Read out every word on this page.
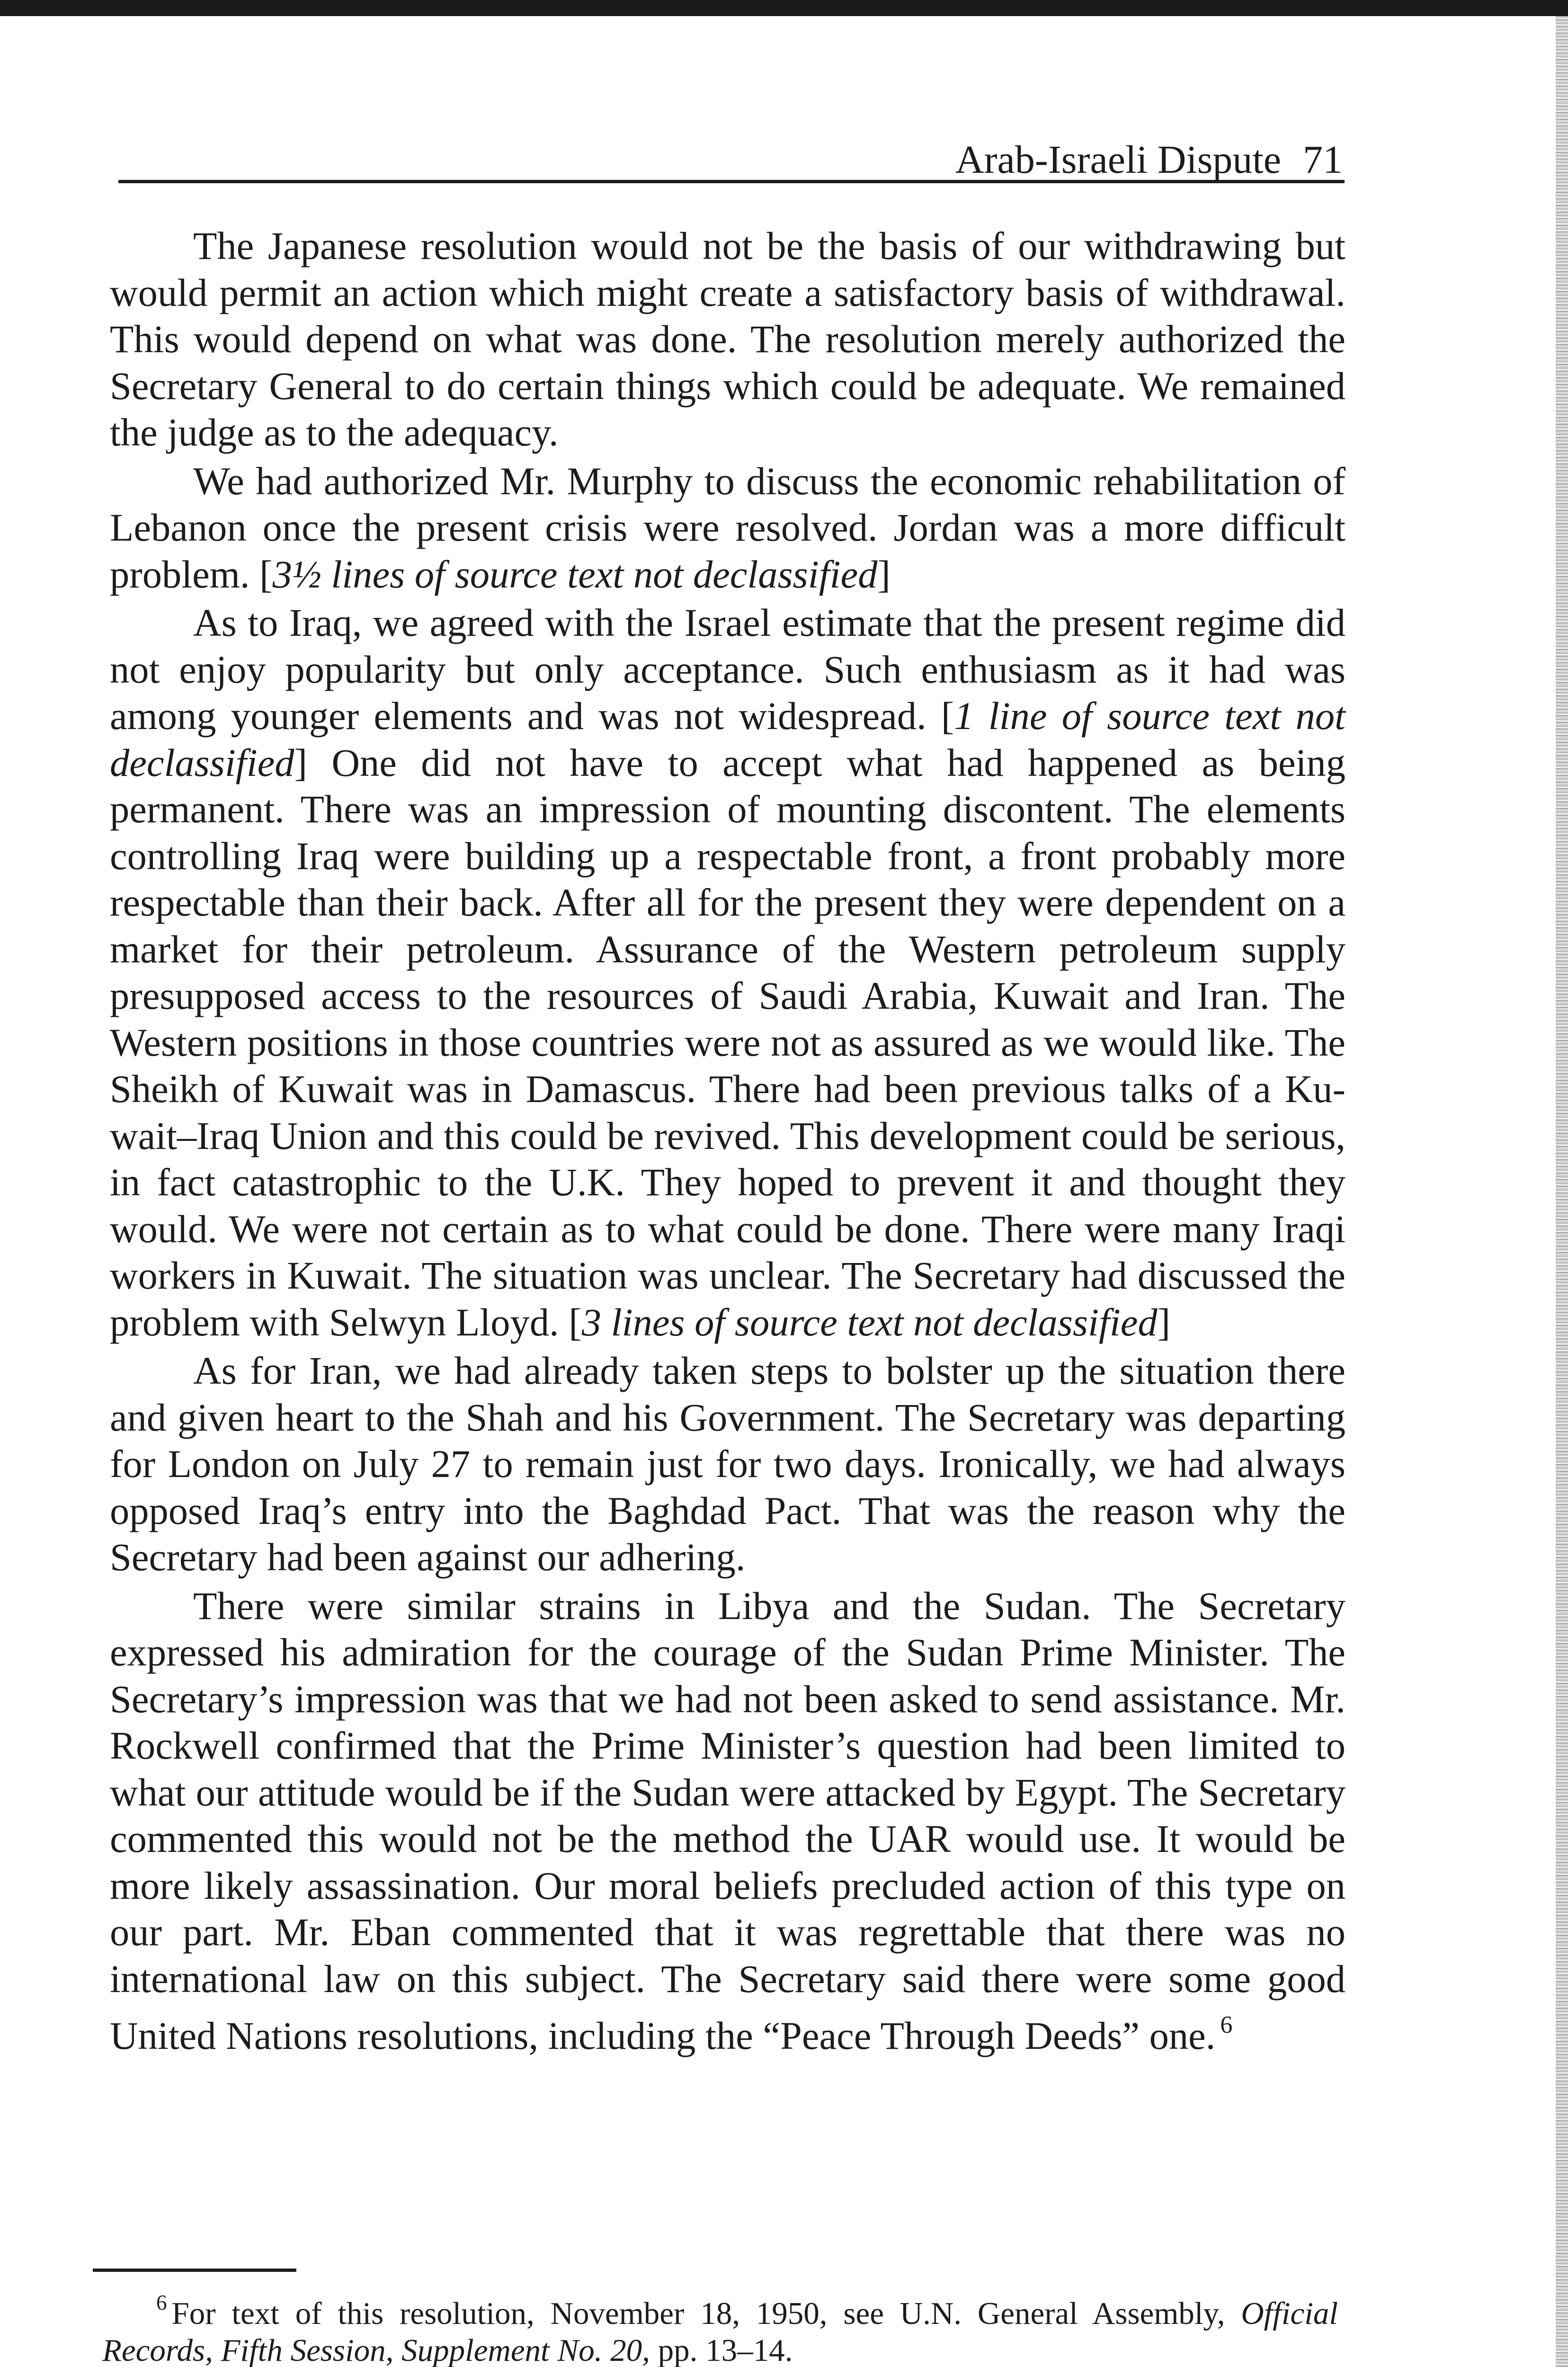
Arab-Israeli Dispute 71

The Japanese resolution would not be the basis of our withdrawing but would permit an action which might create a satisfactory basis of withdrawal. This would depend on what was done. The resolution merely authorized the Secretary General to do certain things which could be adequate. We remained the judge as to the adequacy.

We had authorized Mr. Murphy to discuss the economic rehabilitation of Lebanon once the present crisis were resolved. Jordan was a more difficult problem. [3½ lines of source text not declassified]

As to Iraq, we agreed with the Israel estimate that the present regime did not enjoy popularity but only acceptance. Such enthusiasm as it had was among younger elements and was not widespread. [1 line of source text not declassified] One did not have to accept what had happened as being permanent. There was an impression of mounting discontent. The elements controlling Iraq were building up a respectable front, a front probably more respectable than their back. After all for the present they were dependent on a market for their petroleum. Assurance of the Western petroleum supply presupposed access to the resources of Saudi Arabia, Kuwait and Iran. The Western positions in those countries were not as assured as we would like. The Sheikh of Kuwait was in Damascus. There had been previous talks of a Kuwait–Iraq Union and this could be revived. This development could be serious, in fact catastrophic to the U.K. They hoped to prevent it and thought they would. We were not certain as to what could be done. There were many Iraqi workers in Kuwait. The situation was unclear. The Secretary had discussed the problem with Selwyn Lloyd. [3 lines of source text not declassified]

As for Iran, we had already taken steps to bolster up the situation there and given heart to the Shah and his Government. The Secretary was departing for London on July 27 to remain just for two days. Ironically, we had always opposed Iraq’s entry into the Baghdad Pact. That was the reason why the Secretary had been against our adhering.

There were similar strains in Libya and the Sudan. The Secretary expressed his admiration for the courage of the Sudan Prime Minister. The Secretary’s impression was that we had not been asked to send assistance. Mr. Rockwell confirmed that the Prime Minister’s question had been limited to what our attitude would be if the Sudan were attacked by Egypt. The Secretary commented this would not be the method the UAR would use. It would be more likely assassination. Our moral beliefs precluded action of this type on our part. Mr. Eban commented that it was regrettable that there was no international law on this subject. The Secretary said there were some good United Nations resolutions, including the “Peace Through Deeds” one. $^6$

$^6$ For text of this resolution, November 18, 1950, see U.N. General Assembly, Official Records, Fifth Session, Supplement No. 20, pp. 13–14.
